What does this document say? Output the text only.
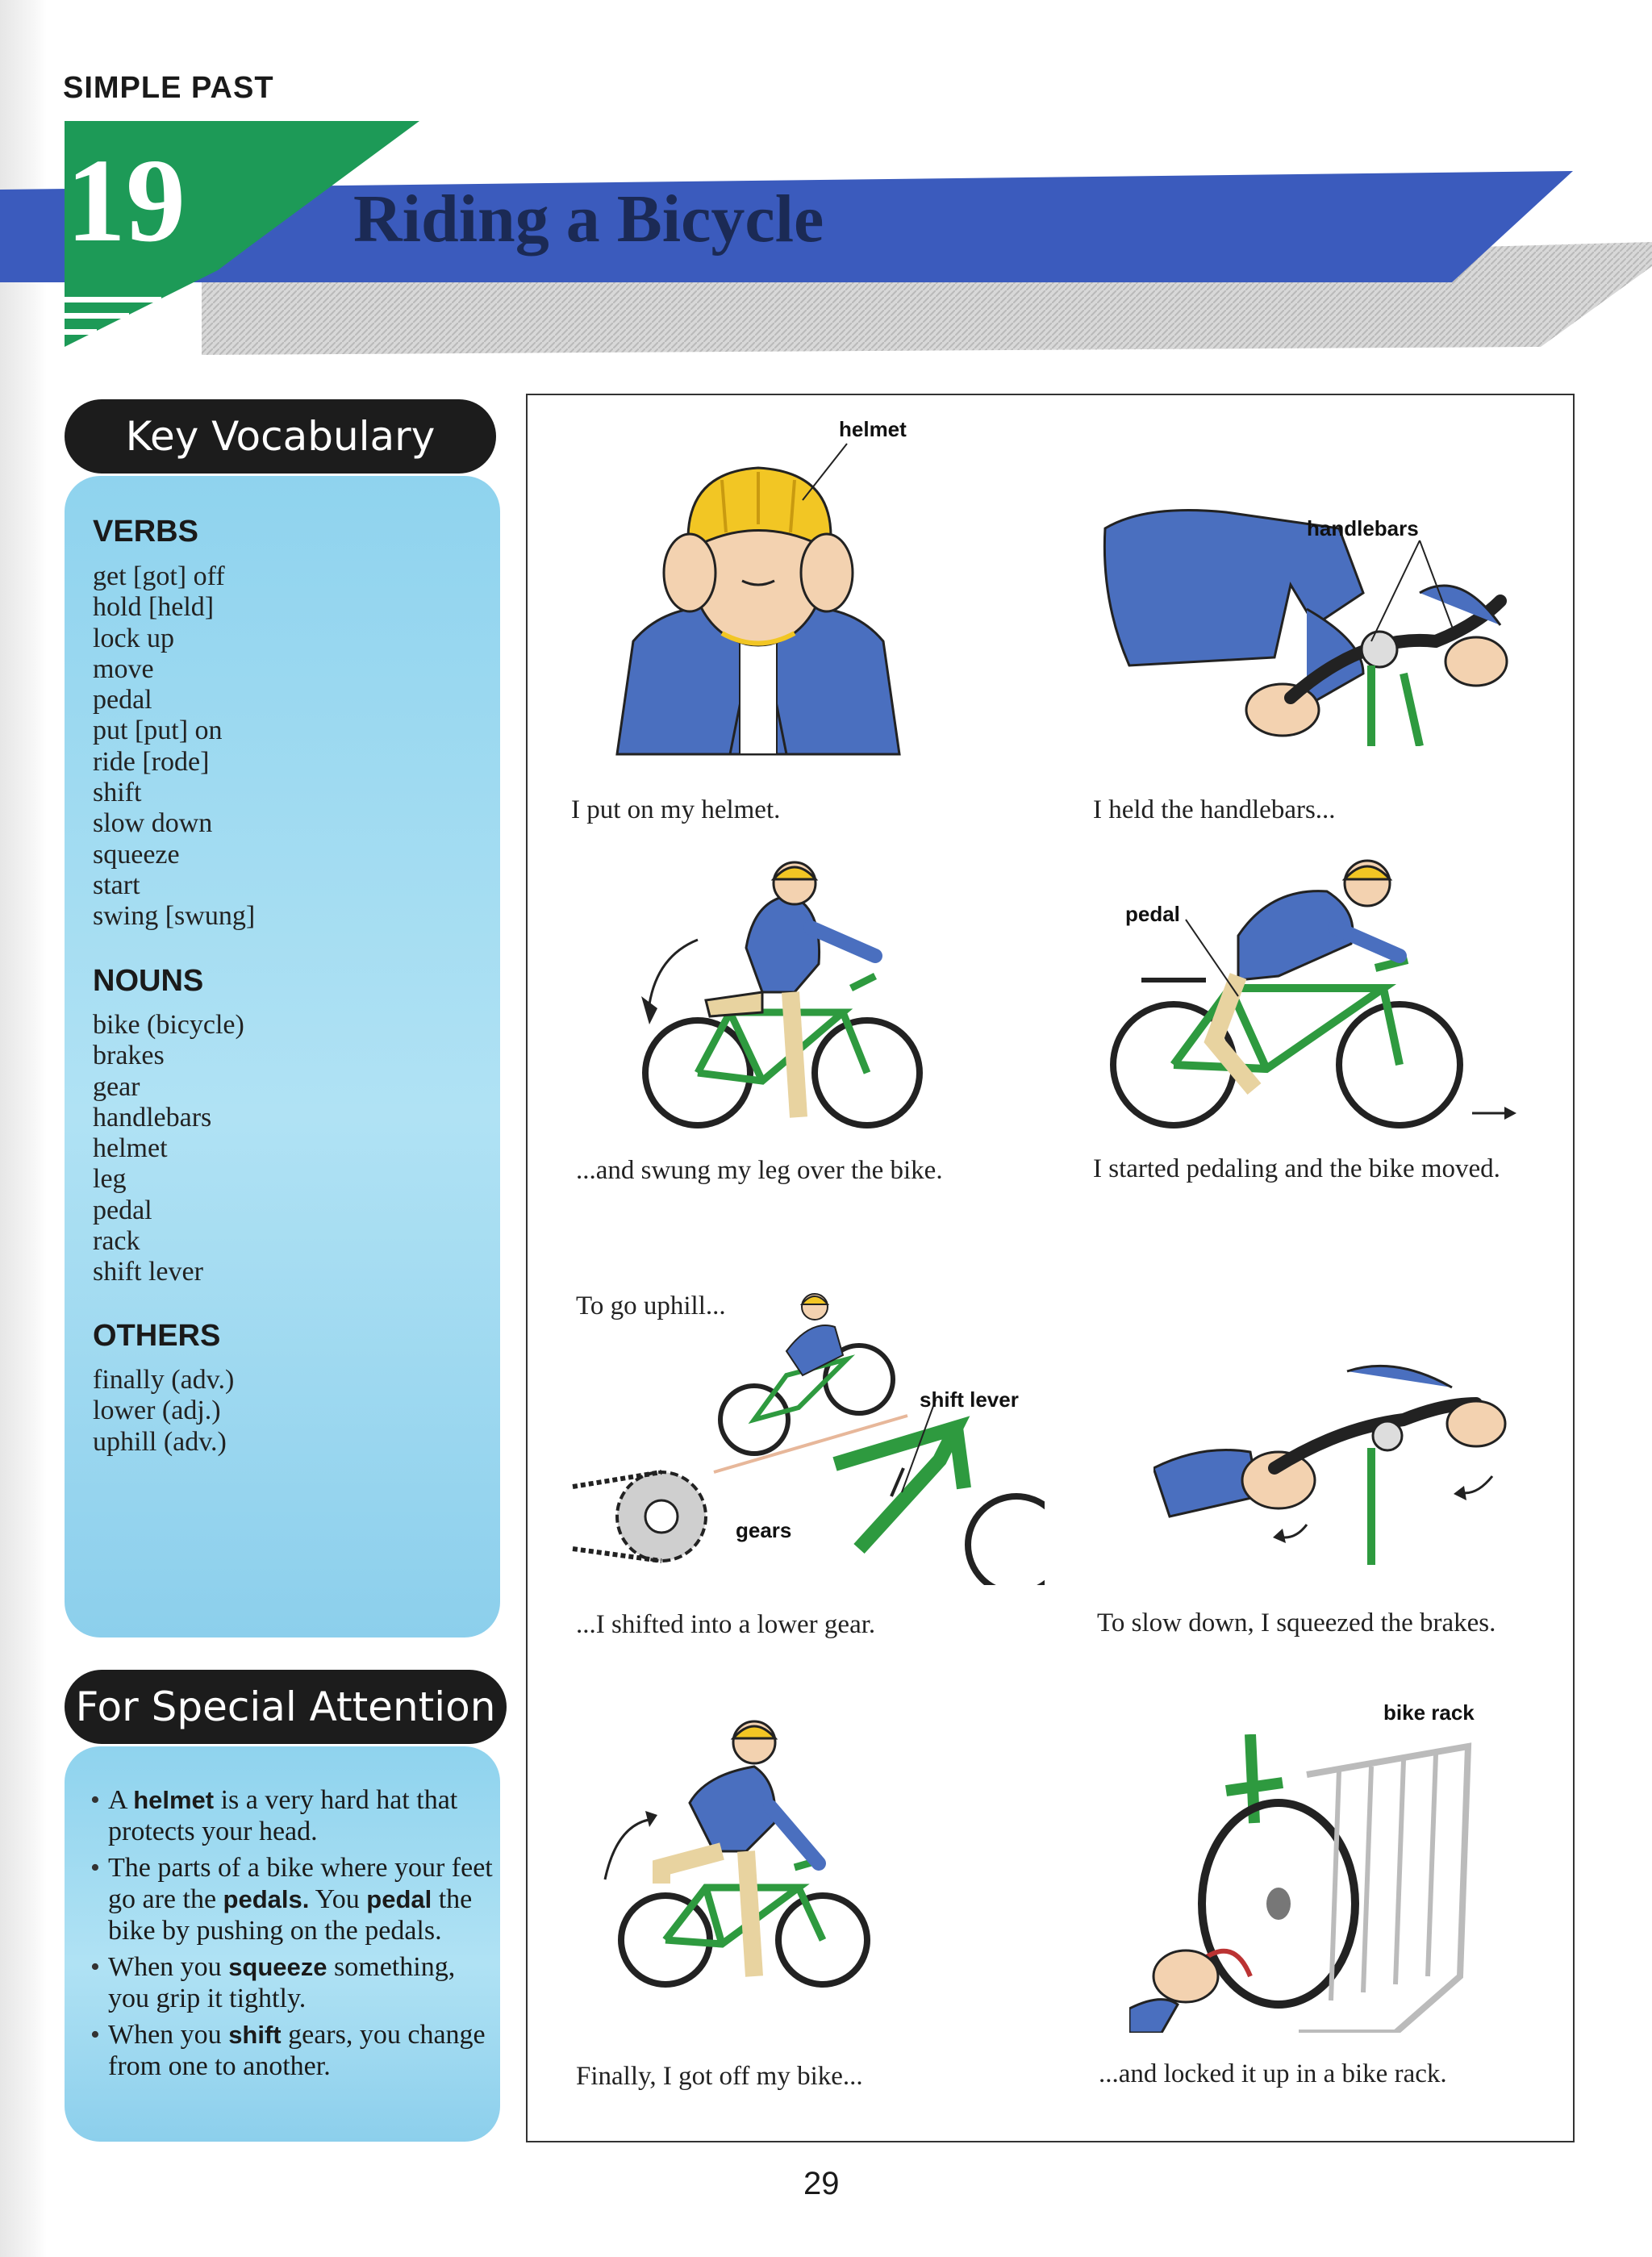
SIMPLE PAST
19 Riding a Bicycle
Key Vocabulary
VERBS
get [got] off
hold [held]
lock up
move
pedal
put [put] on
ride [rode]
shift
slow down
squeeze
start
swing [swung]
NOUNS
bike (bicycle)
brakes
gear
handlebars
helmet
leg
pedal
rack
shift lever
OTHERS
finally (adv.)
lower (adj.)
uphill (adv.)
For Special Attention
• A helmet is a very hard hat that protects your head.
• The parts of a bike where your feet go are the pedals. You pedal the bike by pushing on the pedals.
• When you squeeze something, you grip it tightly.
• When you shift gears, you change from one to another.
helmet
I put on my helmet.
handlebars
I held the handlebars...
...and swung my leg over the bike.
pedal
I started pedaling and the bike moved.
To go uphill...
shift lever
gears
...I shifted into a lower gear.	To slow down, I squeezed the brakes.
Finally, I got off my bike...
bike rack
...and locked it up in a bike rack.
29
